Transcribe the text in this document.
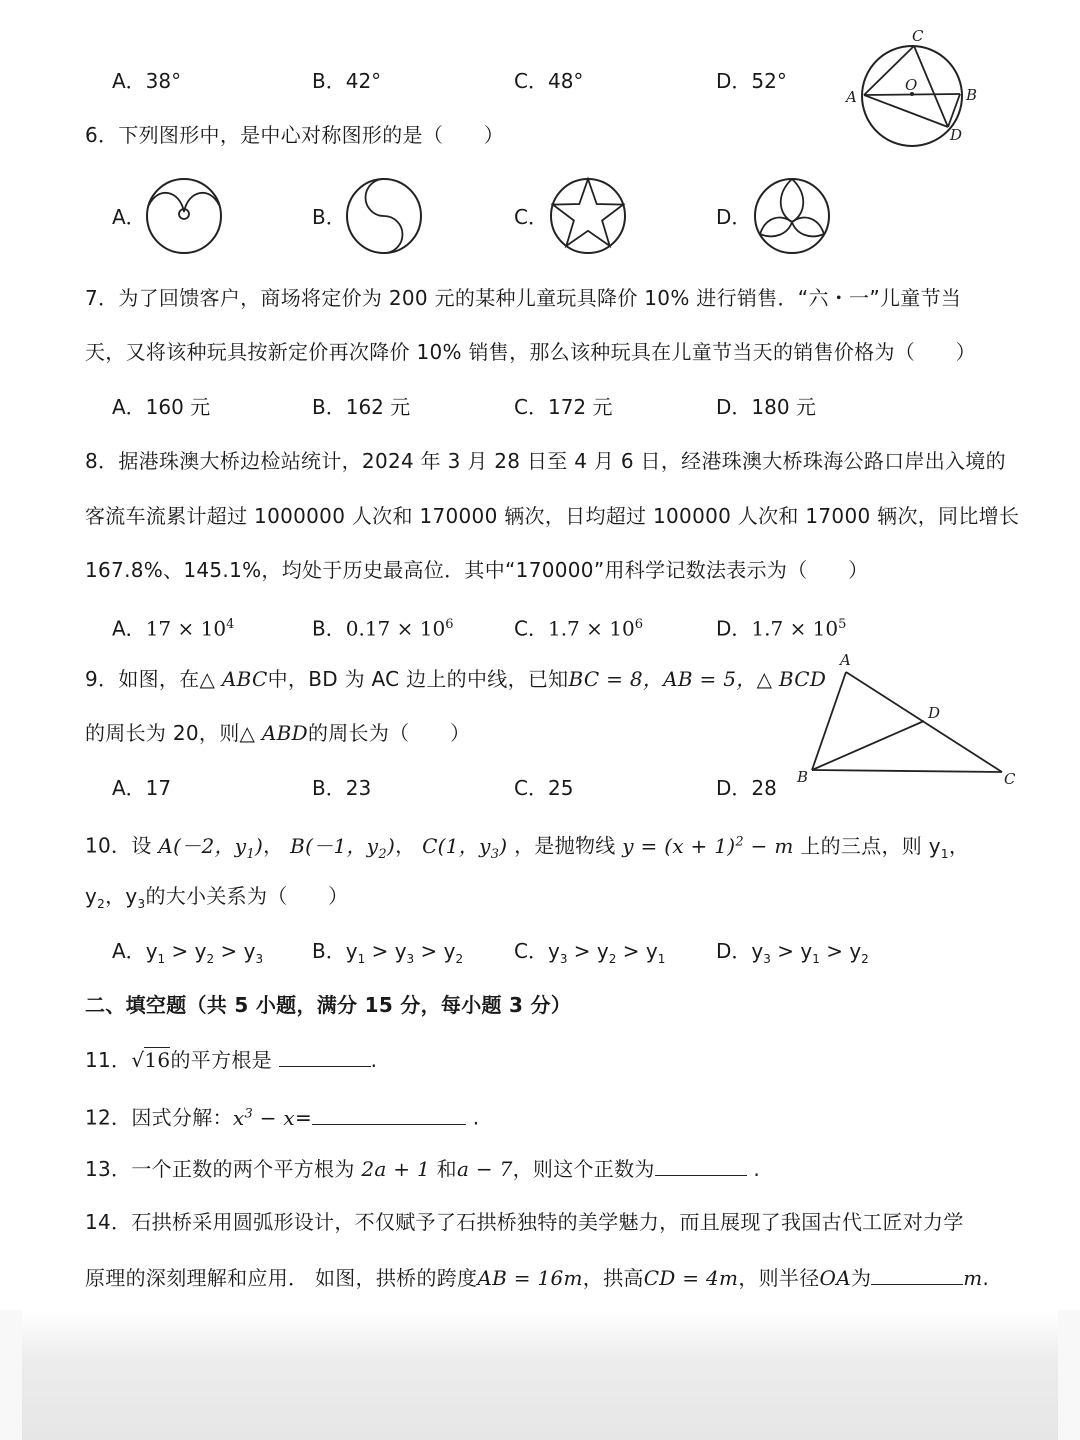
A．38°	B．42°	C．48°	D．52°
C
A	B
D
O
6．下列图形中，是中心对称图形的是（　　）
A．	B．	C．	D．
7．为了回馈客户，商场将定价为 200 元的某种儿童玩具降价 10% 进行销售．“六・一”儿童节当
天，又将该种玩具按新定价再次降价 10% 销售，那么该种玩具在儿童节当天的销售价格为（　　）
A．160 元	B．162 元	C．172 元	D．180 元
8．据港珠澳大桥边检站统计，2024 年 3 月 28 日至 4 月 6 日，经港珠澳大桥珠海公路口岸出入境的
客流车流累计超过 1000000 人次和 170000 辆次，日均超过 100000 人次和 17000 辆次，同比增长
167.8%、145.1%，均处于历史最高位．其中“170000”用科学记数法表示为（　　）
A．$17 \times 10^4$	B．$0.17 \times 10^6$	C．$1.7 \times 10^6$	D．$1.7 \times 10^5$
9．如图，在△ ABC中，BD 为 AC 边上的中线，已知BC = 8，AB = 5，△ BCD
的周长为 20，则△ ABD的周长为（　　）
A．17	B．23	C．25	D．28
A
B	C
D
10．设 A(－2，$y_1$)， B(－1，$y_2$)， C(1，$y_3$) ，是抛物线 $y = (x + 1)^2 - m$ 上的三点，则 $y_1$，
$y_2$，$y_3$的大小关系为（　　）
A．$y_1 > y_2 > y_3$ B．$y_1 > y_3 > y_2$	C．$y_3 > y_2 > y_1$	D．$y_3 > y_1 > y_2$
二、填空题（共 5 小题，满分 15 分，每小题 3 分）
11．√16的平方根是	.
12．因式分解：$x^3 - x=$	.
13．一个正数的两个平方根为 2a + 1 和a − 7，则这个正数为	.
14．石拱桥采用圆弧形设计，不仅赋予了石拱桥独特的美学魅力，而且展现了我国古代工匠对力学
原理的深刻理解和应用． 如图，拱桥的跨度AB = 16m，拱高CD = 4m，则半径OA为	m.
